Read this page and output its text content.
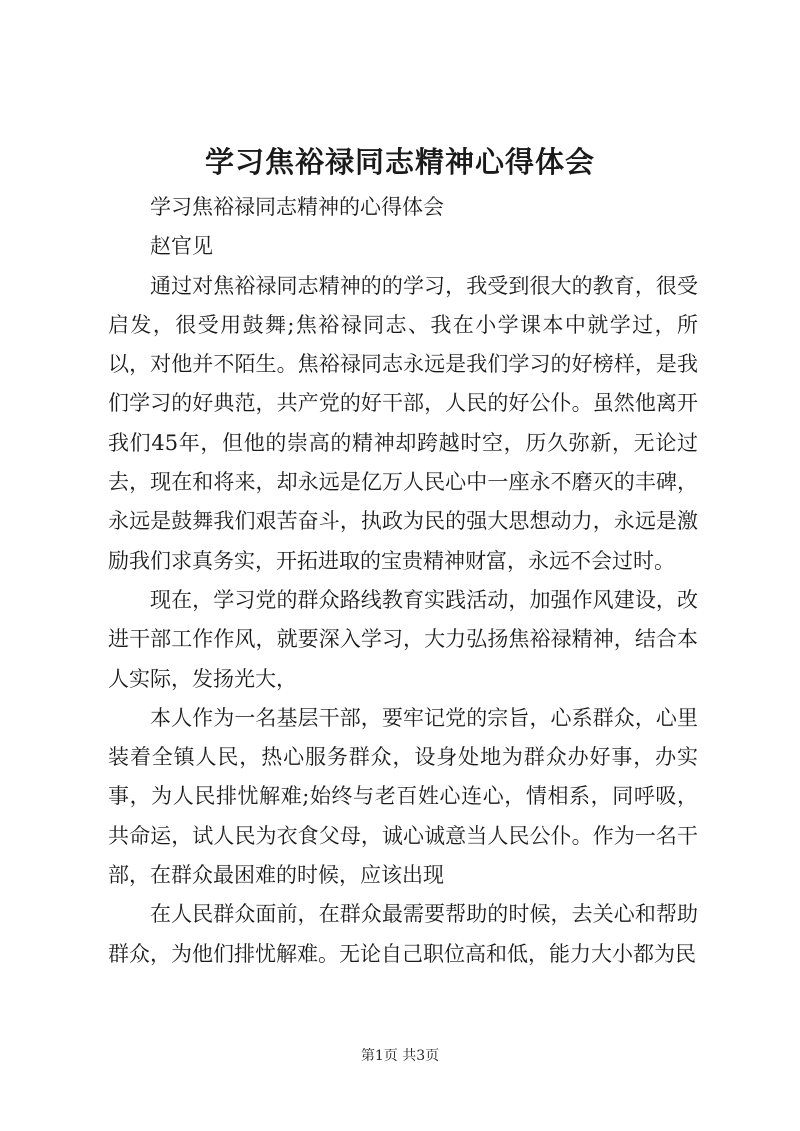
学习焦裕禄同志精神心得体会

学习焦裕禄同志精神的心得体会

赵官见

通过对焦裕禄同志精神的的学习，我受到很大的教育，很受启发，很受用鼓舞;焦裕禄同志、我在小学课本中就学过，所以，对他并不陌生。焦裕禄同志永远是我们学习的好榜样，是我们学习的好典范，共产党的好干部，人民的好公仆。虽然他离开我们45年，但他的崇高的精神却跨越时空，历久弥新，无论过去，现在和将来，却永远是亿万人民心中一座永不磨灭的丰碑，永远是鼓舞我们艰苦奋斗，执政为民的强大思想动力，永远是激励我们求真务实，开拓进取的宝贵精神财富，永远不会过时。

现在，学习党的群众路线教育实践活动，加强作风建设，改进干部工作作风，就要深入学习，大力弘扬焦裕禄精神，结合本人实际，发扬光大，

本人作为一名基层干部，要牢记党的宗旨，心系群众，心里装着全镇人民，热心服务群众，设身处地为群众办好事，办实事，为人民排忧解难;始终与老百姓心连心，情相系，同呼吸，共命运，试人民为衣食父母，诚心诚意当人民公仆。作为一名干部，在群众最困难的时候，应该出现

在人民群众面前，在群众最需要帮助的时候，去关心和帮助群众，为他们排忧解难。无论自己职位高和低，能力大小都为民

第1页 共3页
